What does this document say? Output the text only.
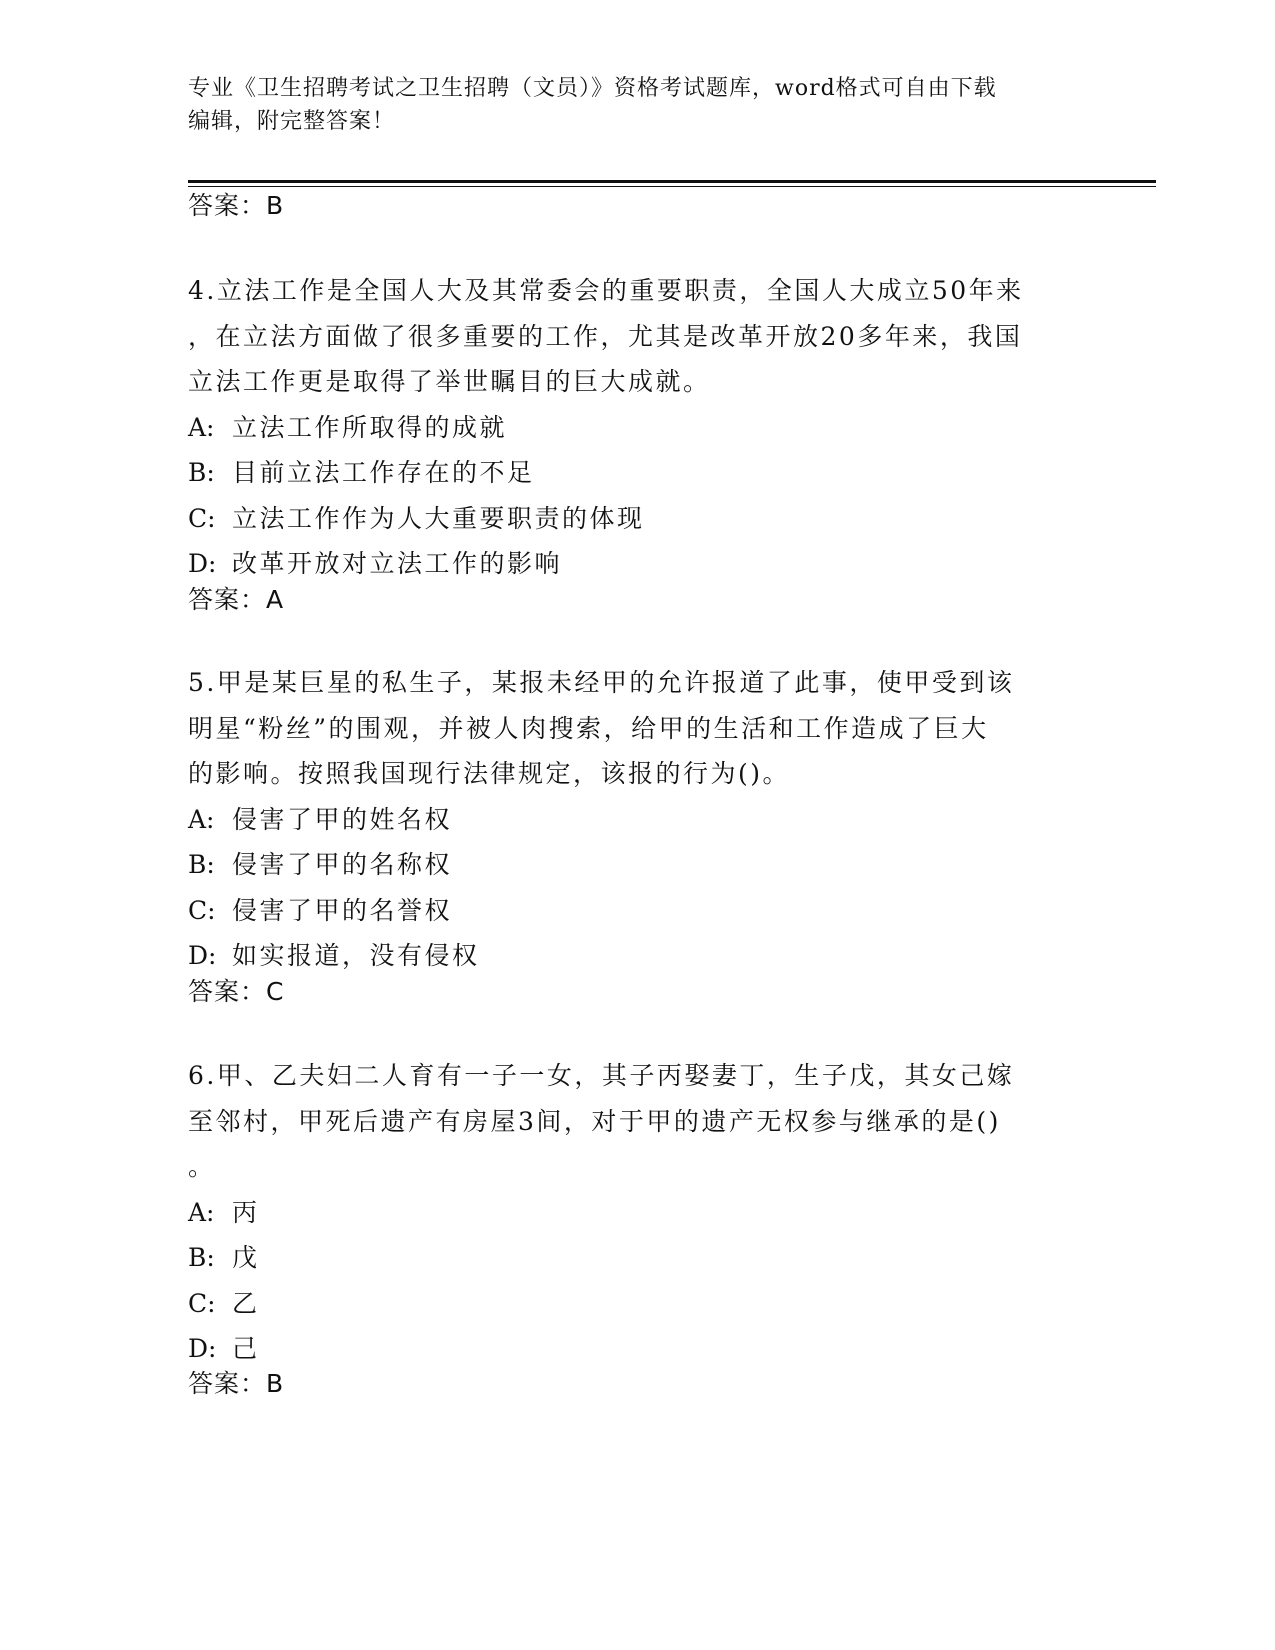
专业《卫生招聘考试之卫生招聘（文员）》资格考试题库，word格式可自由下载
编辑，附完整答案！
答案：B
4.立法工作是全国人大及其常委会的重要职责，全国人大成立50年来
，在立法方面做了很多重要的工作，尤其是改革开放20多年来，我国
立法工作更是取得了举世瞩目的巨大成就。
A: 立法工作所取得的成就
B: 目前立法工作存在的不足
C: 立法工作作为人大重要职责的体现
D: 改革开放对立法工作的影响
答案：A
5.甲是某巨星的私生子，某报未经甲的允许报道了此事，使甲受到该
明星“粉丝”的围观，并被人肉搜索，给甲的生活和工作造成了巨大
的影响。按照我国现行法律规定，该报的行为()。
A: 侵害了甲的姓名权
B: 侵害了甲的名称权
C: 侵害了甲的名誉权
D: 如实报道，没有侵权
答案：C
6.甲、乙夫妇二人育有一子一女，其子丙娶妻丁，生子戊，其女己嫁
至邻村，甲死后遗产有房屋3间，对于甲的遗产无权参与继承的是()
。
A: 丙
B: 戊
C: 乙
D: 己
答案：B
